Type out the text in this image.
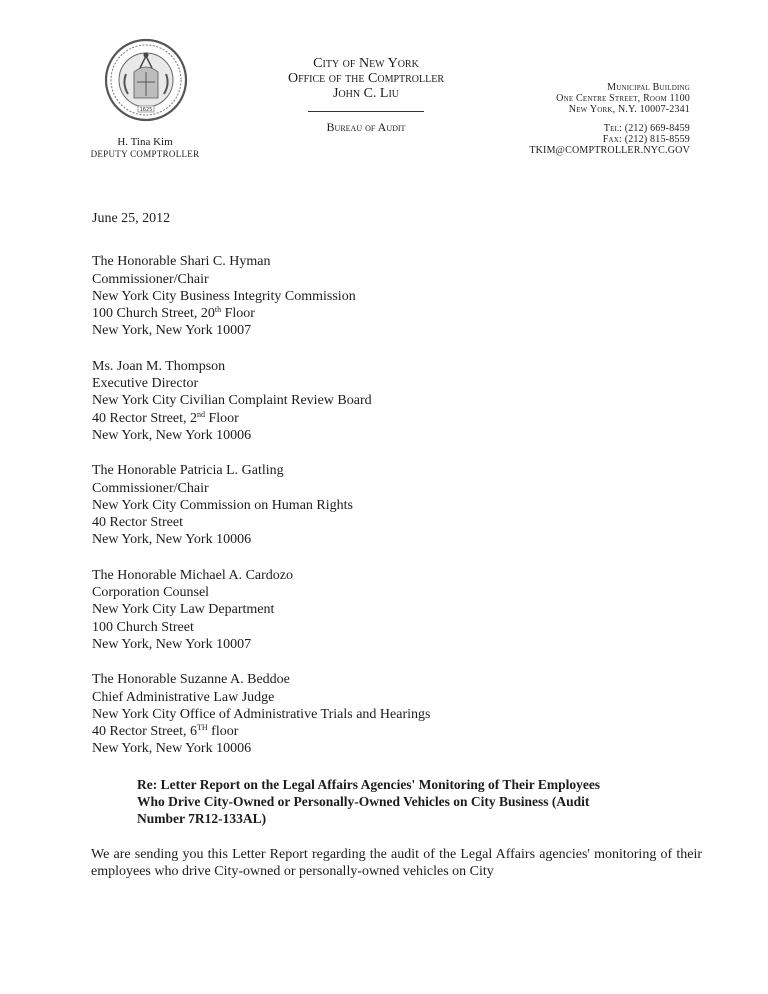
1625
H. Tina Kim
DEPUTY COMPTROLLER
City of New York
Office of the Comptroller
John C. Liu
Bureau of Audit
Municipal Building
One Centre Street, Room 1100
New York, N.Y. 10007-2341
Tel: (212) 669-8459
Fax: (212) 815-8559
TKIM@COMPTROLLER.NYC.GOV
June 25, 2012
The Honorable Shari C. Hyman
Commissioner/Chair
New York City Business Integrity Commission
100 Church Street, 20th Floor
New York, New York 10007
Ms. Joan M. Thompson
Executive Director
New York City Civilian Complaint Review Board
40 Rector Street, 2nd Floor
New York, New York 10006
The Honorable Patricia L. Gatling
Commissioner/Chair
New York City Commission on Human Rights
40 Rector Street
New York, New York 10006
The Honorable Michael A. Cardozo
Corporation Counsel
New York City Law Department
100 Church Street
New York, New York 10007
The Honorable Suzanne A. Beddoe
Chief Administrative Law Judge
New York City Office of Administrative Trials and Hearings
40 Rector Street, 6TH floor
New York, New York 10006
Re: Letter Report on the Legal Affairs Agencies' Monitoring of Their Employees
Who Drive City-Owned or Personally-Owned Vehicles on City Business (Audit
Number 7R12-133AL)
We are sending you this Letter Report regarding the audit of the Legal Affairs agencies' monitoring of their employees who drive City-owned or personally-owned vehicles on City
